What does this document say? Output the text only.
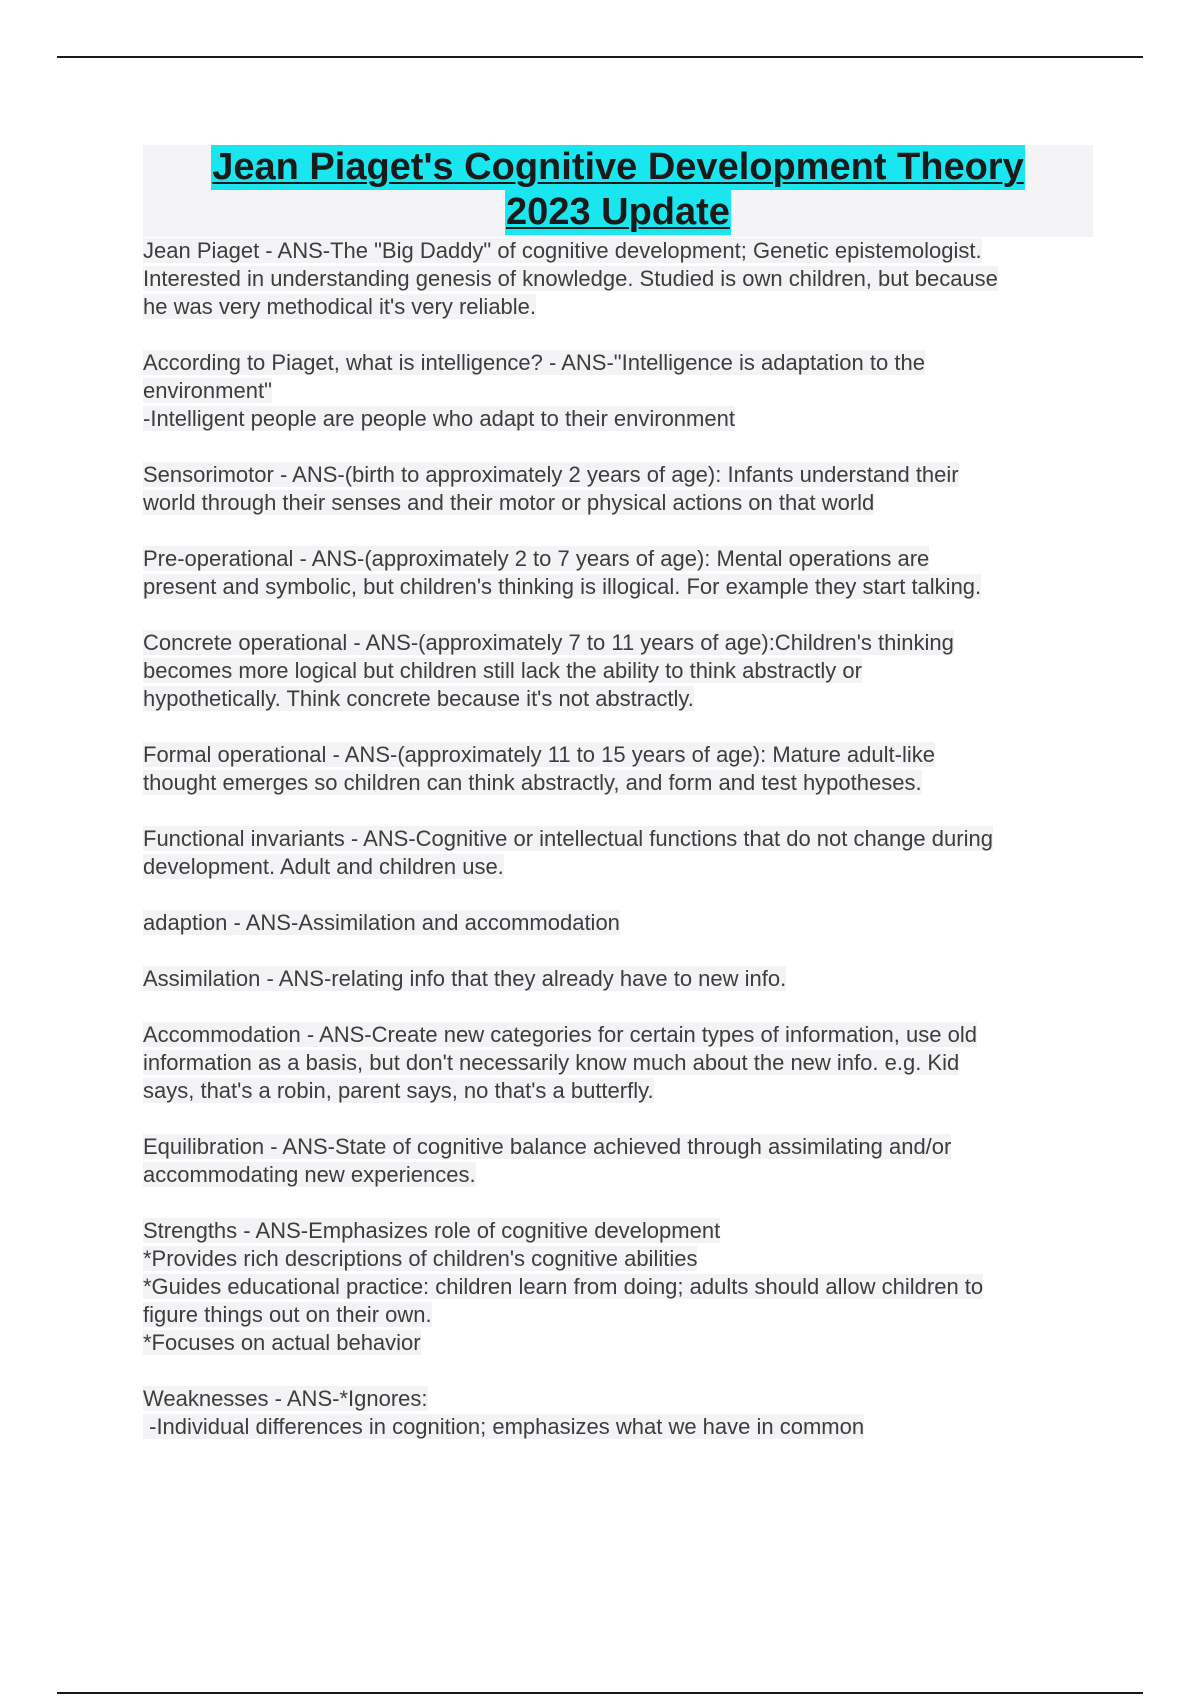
Jean Piaget's Cognitive Development Theory
2023 Update
Jean Piaget - ANS-The "Big Daddy" of cognitive development; Genetic epistemologist.
Interested in understanding genesis of knowledge. Studied is own children, but because
he was very methodical it's very reliable.
According to Piaget, what is intelligence? - ANS-"Intelligence is adaptation to the
environment"
-Intelligent people are people who adapt to their environment
Sensorimotor - ANS-(birth to approximately 2 years of age): Infants understand their
world through their senses and their motor or physical actions on that world
Pre-operational - ANS-(approximately 2 to 7 years of age): Mental operations are
present and symbolic, but children's thinking is illogical. For example they start talking.
Concrete operational - ANS-(approximately 7 to 11 years of age):Children's thinking
becomes more logical but children still lack the ability to think abstractly or
hypothetically. Think concrete because it's not abstractly.
Formal operational - ANS-(approximately 11 to 15 years of age): Mature adult-like
thought emerges so children can think abstractly, and form and test hypotheses.
Functional invariants - ANS-Cognitive or intellectual functions that do not change during
development. Adult and children use.
adaption - ANS-Assimilation and accommodation
Assimilation - ANS-relating info that they already have to new info.
Accommodation - ANS-Create new categories for certain types of information, use old
information as a basis, but don't necessarily know much about the new info. e.g. Kid
says, that's a robin, parent says, no that's a butterfly.
Equilibration - ANS-State of cognitive balance achieved through assimilating and/or
accommodating new experiences.
Strengths - ANS-Emphasizes role of cognitive development
*Provides rich descriptions of children's cognitive abilities
*Guides educational practice: children learn from doing; adults should allow children to
figure things out on their own.
*Focuses on actual behavior
Weaknesses - ANS-*Ignores:
-Individual differences in cognition; emphasizes what we have in common
